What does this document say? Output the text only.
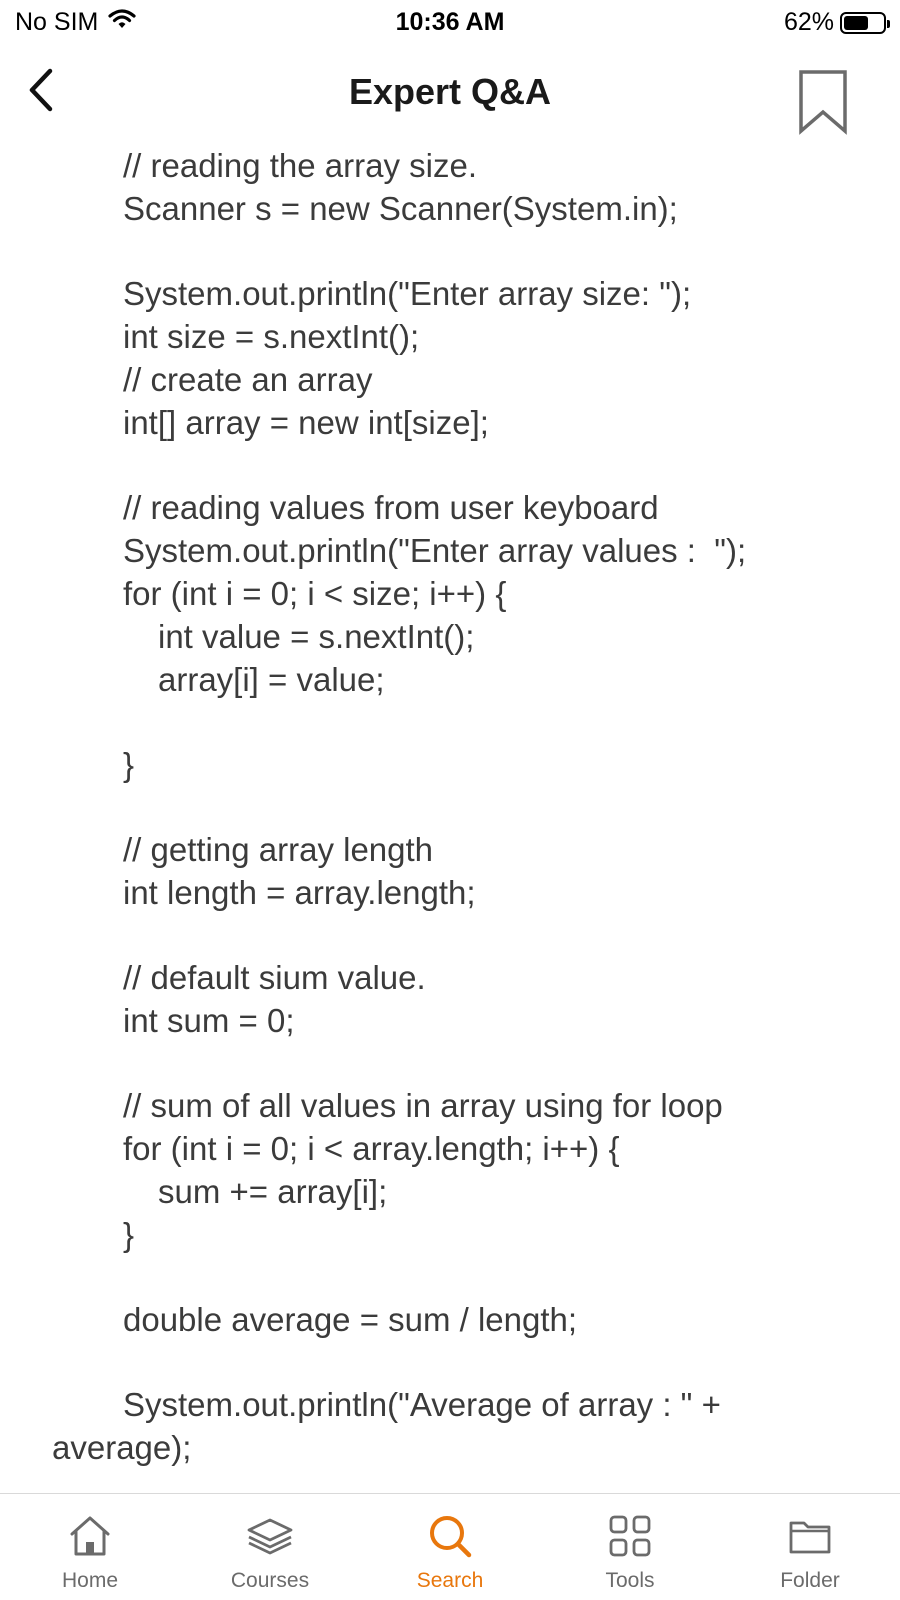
No SIM	10:36 AM	62%
Expert Q&A
// reading the array size.
Scanner s = new Scanner(System.in);
System.out.println("Enter array size: ");
int size = s.nextInt();
// create an array
int[] array = new int[size];
// reading values from user keyboard
System.out.println("Enter array values :  ");
for (int i = 0; i < size; i++) {
int value = s.nextInt();
array[i] = value;
}
// getting array length
int length = array.length;
// default sium value.
int sum = 0;
// sum of all values in array using for loop
for (int i = 0; i < array.length; i++) {
sum += array[i];
}
double average = sum / length;
System.out.println("Average of array : " +
average);
Home	Courses	Search	Tools	Folder
